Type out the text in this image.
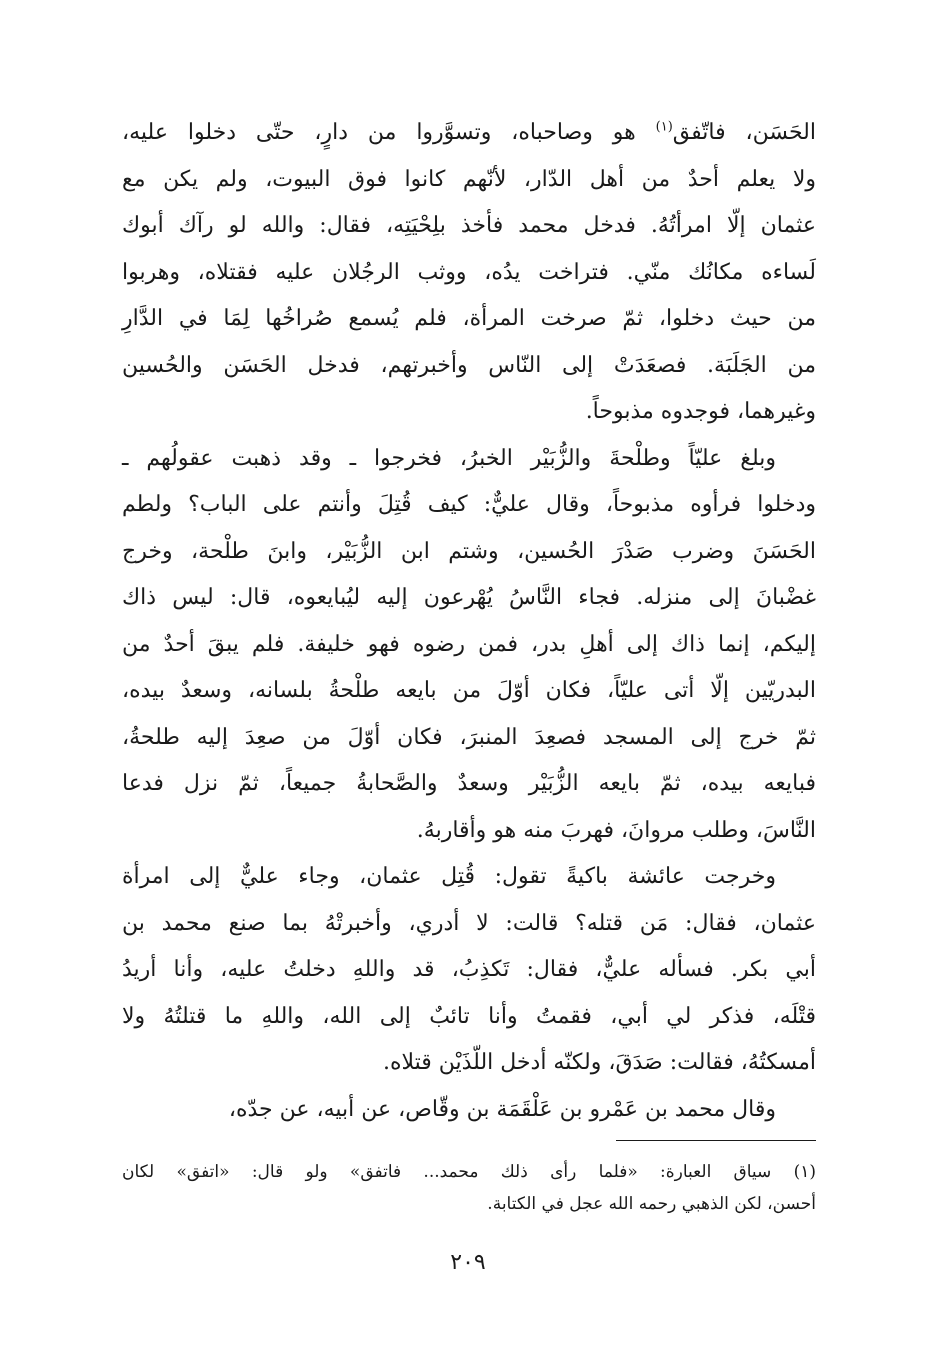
الحَسَن، فاتّفق$^{(١)}$ هو وصاحباه، وتسوَّروا من دارٍ، حتّى دخلوا عليه،
ولا يعلم أحدٌ من أهل الدّار، لأنّهم كانوا فوق البيوت، ولم يكن مع
عثمان إلّا امرأتُهُ. فدخل محمد فأخذ بلِحْيَتِه، فقال: والله لو رآك أبوك
لَساءه مكانُك منّي. فتراخت يدُه، ووثب الرجُلان عليه فقتلاه، وهربوا
من حيث دخلوا، ثمّ صرخت المرأة، فلم يُسمع صُراخُها لِمَا في الدَّارِ
من الجَلَبَة. فصعَدَتْ إلى النّاس وأخبرتهم، فدخل الحَسَن والحُسين
وغيرهما، فوجدوه مذبوحاً.
وبلغ عليّاً وطلْحةَ والزُّبَيْر الخبرُ، فخرجوا ـ وقد ذهبت عقولُهم ـ
ودخلوا فرأوه مذبوحاً، وقال عليٌّ: كيف قُتِلَ وأنتم على الباب؟ ولطم
الحَسَنَ وضرب صَدْرَ الحُسين، وشتم ابن الزُّبَيْر، وابنَ طلْحة، وخرج
غضْبانَ إلى منزله. فجاء النَّاسُ يُهْرعون إليه ليُبايعوه، قال: ليس ذاك
إليكم، إنما ذاك إلى أهلِ بدر، فمن رضوه فهو خليفة. فلم يبقَ أحدٌ من
البدريّين إلّا أتى عليّاً، فكان أوّلَ من بايعه طلْحةُ بلسانه، وسعدٌ بيده،
ثمّ خرج إلى المسجد فصعِدَ المنبرَ، فكان أوّلَ من صعِدَ إليه طلحةُ،
فبايعه بيده، ثمّ بايعه الزُّبَيْر وسعدٌ والصَّحابةُ جميعاً، ثمّ نزل فدعا
النَّاسَ، وطلب مروانَ، فهربَ منه هو وأقاربهُ.
وخرجت عائشة باكيةً تقول: قُتِل عثمان، وجاء عليٌّ إلى امرأة
عثمان، فقال: مَن قتله؟ قالت: لا أدري، وأخبرتْهُ بما صنع محمد بن
أبي بكر. فسأله عليٌّ، فقال: تَكذِبُ، قد واللهِ دخلتُ عليه، وأنا أريدُ
قتْلَه، فذكر لي أبي، فقمتُ وأنا تائبٌ إلى الله، واللهِ ما قتلتُهُ ولا
أمسكتُهُ، فقالت: صَدَقَ، ولكنّه أدخل اللّذَيْن قتلاه.
وقال محمد بن عَمْرو بن عَلْقَمَة بن وقّاص، عن أبيه، عن جدّه،
(١) سياق العبارة: «فلما رأى ذلك محمد... فاتفق» ولو قال: «اتفق» لكان
أحسن، لكن الذهبي رحمه الله عجل في الكتابة.
٢٠٩
